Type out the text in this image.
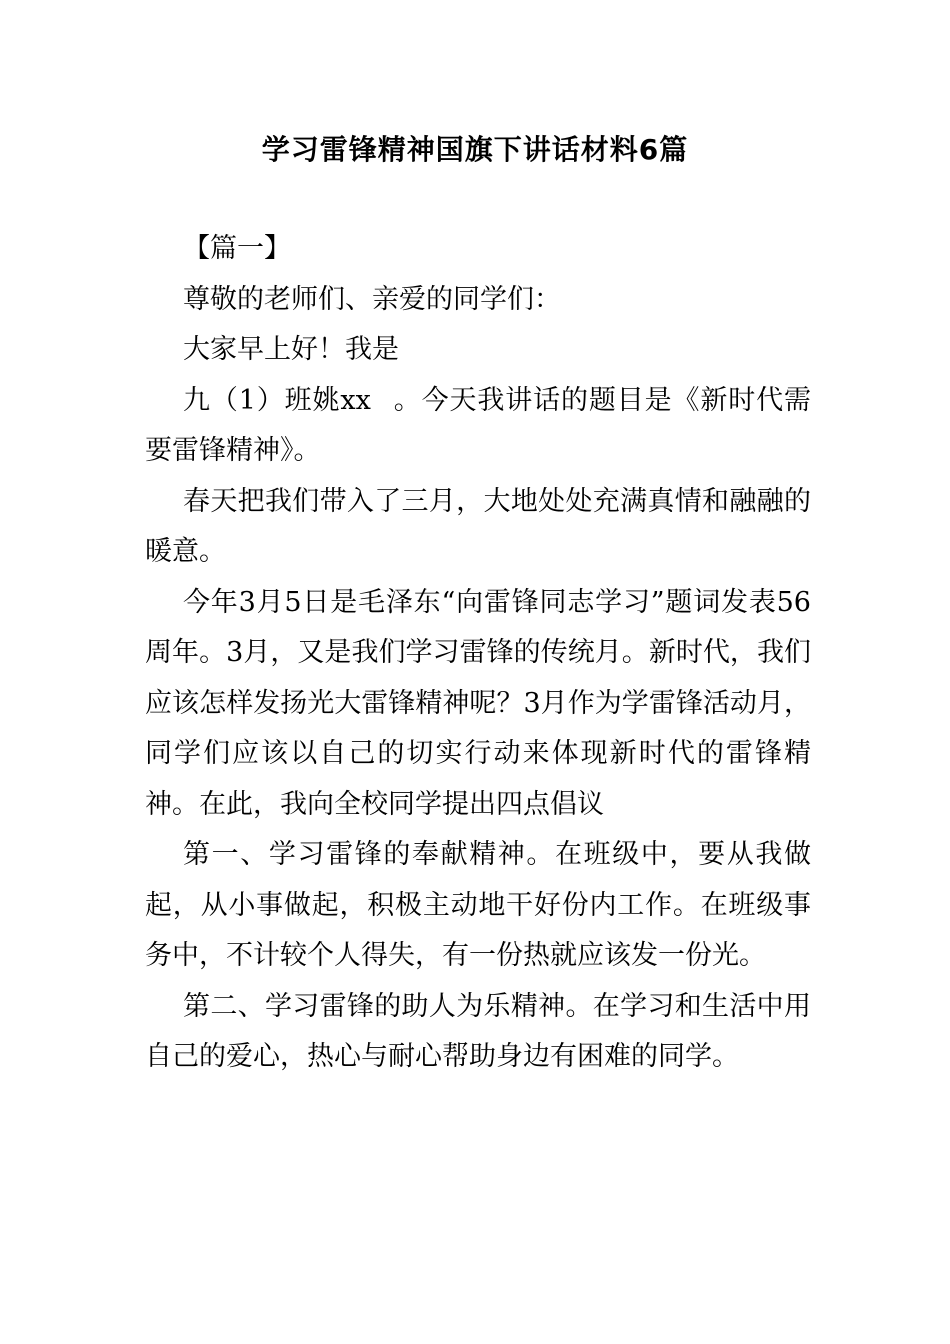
学习雷锋精神国旗下讲话材料6篇

【篇一】

尊敬的老师们、亲爱的同学们：

大家早上好！我是

九（1）班姚xx 。今天我讲话的题目是《新时代需要雷锋精神》。

春天把我们带入了三月，大地处处充满真情和融融的暖意。

今年3月5日是毛泽东“向雷锋同志学习”题词发表56周年。3月，又是我们学习雷锋的传统月。新时代，我们应该怎样发扬光大雷锋精神呢？3月作为学雷锋活动月，同学们应该以自己的切实行动来体现新时代的雷锋精神。在此，我向全校同学提出四点倡议

第一、学习雷锋的奉献精神。在班级中，要从我做起，从小事做起，积极主动地干好份内工作。在班级事务中，不计较个人得失，有一份热就应该发一份光。

第二、学习雷锋的助人为乐精神。在学习和生活中用自己的爱心，热心与耐心帮助身边有困难的同学。
